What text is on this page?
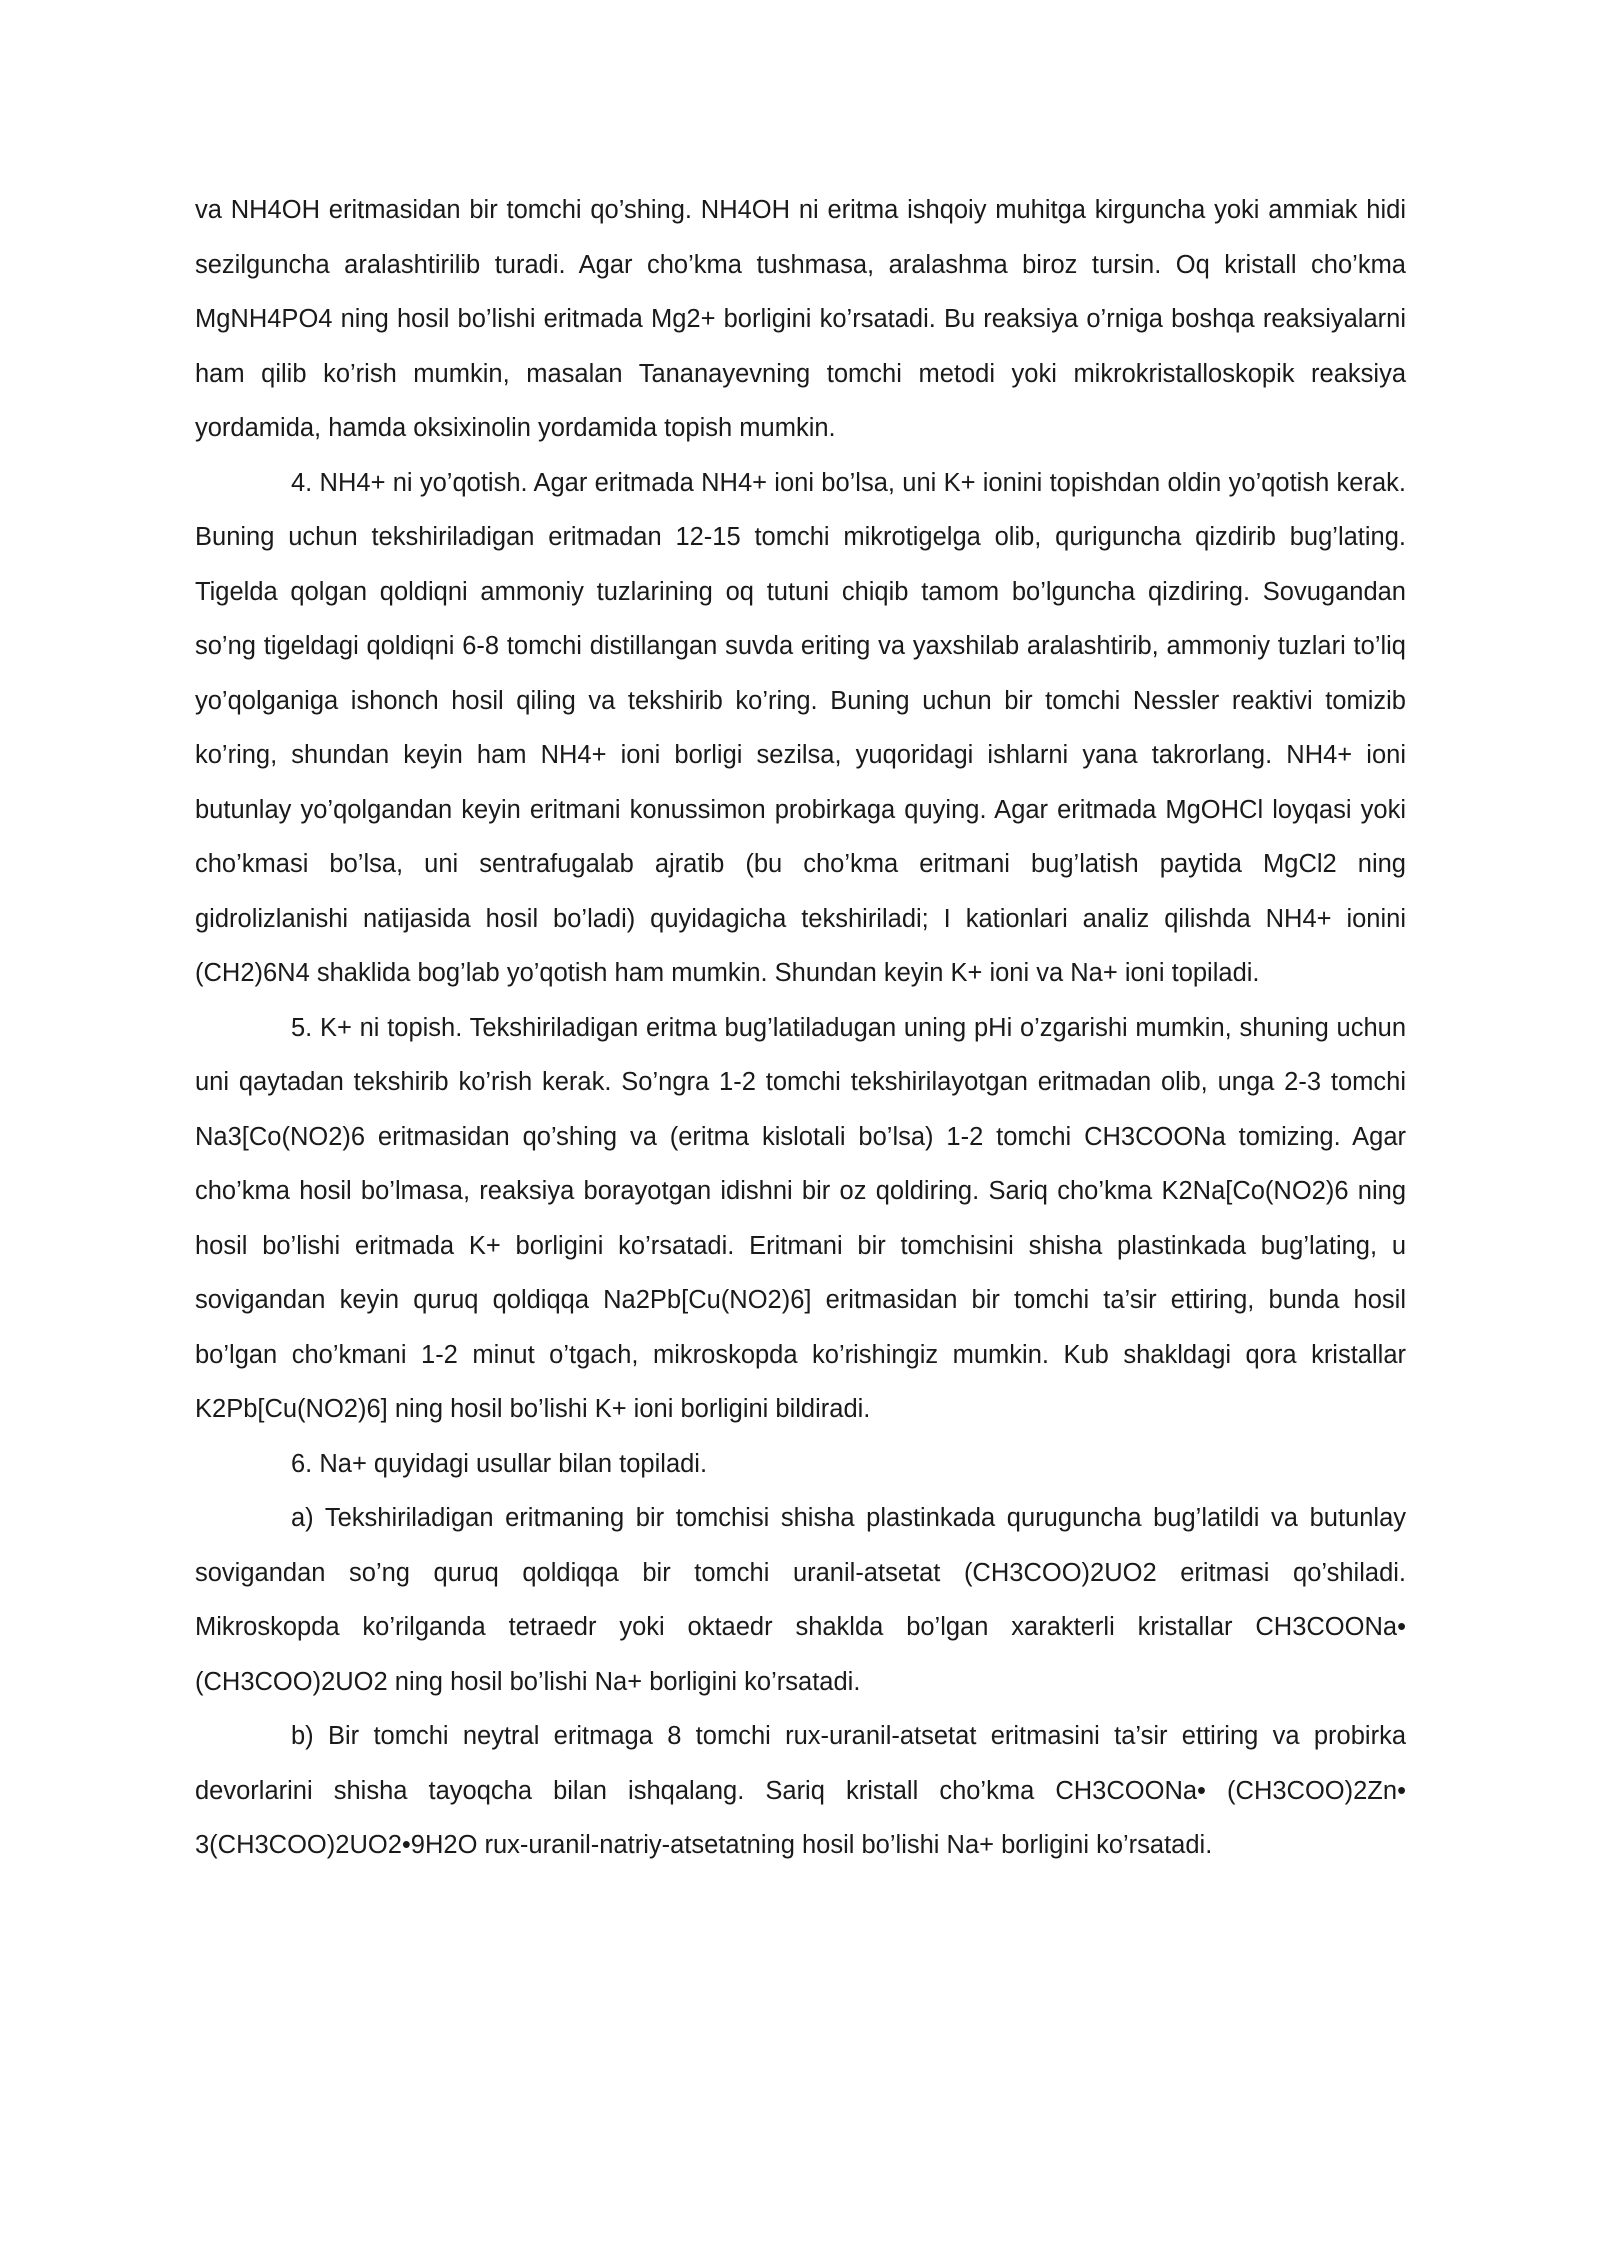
va NH4OH eritmasidan bir tomchi qo’shing. NH4OH ni eritma ishqoiy muhitga kirguncha yoki ammiak hidi sezilguncha aralashtirilib turadi. Agar cho’kma tushmasa, aralashma biroz tursin. Oq kristall cho’kma MgNH4PO4 ning hosil bo’lishi eritmada Mg2+ borligini ko’rsatadi. Bu reaksiya o’rniga boshqa reaksiyalarni ham qilib ko’rish mumkin, masalan Tananayevning tomchi metodi yoki mikrokristalloskopik reaksiya yordamida, hamda oksixinolin yordamida topish mumkin.

4. NH4+ ni yo’qotish. Agar eritmada NH4+ ioni bo’lsa, uni K+ ionini topishdan oldin yo’qotish kerak. Buning uchun tekshiriladigan eritmadan 12-15 tomchi mikrotigelga olib, quriguncha qizdirib bug’lating. Tigelda qolgan qoldiqni ammoniy tuzlarining oq tutuni chiqib tamom bo’lguncha qizdiring. Sovugandan so’ng tigeldagi qoldiqni 6-8 tomchi distillangan suvda eriting va yaxshilab aralashtirib, ammoniy tuzlari to’liq yo’qolganiga ishonch hosil qiling va tekshirib ko’ring. Buning uchun bir tomchi Nessler reaktivi tomizib ko’ring, shundan keyin ham NH4+ ioni borligi sezilsa, yuqoridagi ishlarni yana takrorlang. NH4+ ioni butunlay yo’qolgandan keyin eritmani konussimon probirkaga quying. Agar eritmada MgOHCl loyqasi yoki cho’kmasi bo’lsa, uni sentrafugalab ajratib (bu cho’kma eritmani bug’latish paytida MgCl2 ning gidrolizlanishi natijasida hosil bo’ladi) quyidagicha tekshiriladi; I kationlari analiz qilishda NH4+ ionini (CH2)6N4 shaklida bog’lab yo’qotish ham mumkin. Shundan keyin K+ ioni va Na+ ioni topiladi.

5. K+ ni topish. Tekshiriladigan eritma bug’latiladugan uning pHi o’zgarishi mumkin, shuning uchun uni qaytadan tekshirib ko’rish kerak. So’ngra 1-2 tomchi tekshirilayotgan eritmadan olib, unga 2-3 tomchi Na3[Co(NO2)6 eritmasidan qo’shing va (eritma kislotali bo’lsa) 1-2 tomchi CH3COONa tomizing. Agar cho’kma hosil bo’lmasa, reaksiya borayotgan idishni bir oz qoldiring. Sariq cho’kma K2Na[Co(NO2)6 ning hosil bo’lishi eritmada K+ borligini ko’rsatadi. Eritmani bir tomchisini shisha plastinkada bug’lating, u sovigandan keyin quruq qoldiqqa Na2Pb[Cu(NO2)6] eritmasidan bir tomchi ta’sir ettiring, bunda hosil bo’lgan cho’kmani 1-2 minut o’tgach, mikroskopda ko’rishingiz mumkin. Kub shakldagi qora kristallar K2Pb[Cu(NO2)6] ning hosil bo’lishi K+ ioni borligini bildiradi.

6. Na+ quyidagi usullar bilan topiladi.

a) Tekshiriladigan eritmaning bir tomchisi shisha plastinkada qurugunchа bug’latildi va butunlay sovigandan so’ng quruq qoldiqqa bir tomchi uranil-atsetat (CH3COO)2UO2 eritmasi qo’shiladi. Mikroskopda ko’rilganda tetraedr yoki oktaedr shaklda bo’lgan xarakterli kristallar CH3COONa• (CH3COO)2UO2 ning hosil bo’lishi Na+ borligini ko’rsatadi.

b) Bir tomchi neytral eritmaga 8 tomchi rux-uranil-atsetat eritmasini ta’sir ettiring va probirka devorlarini shisha tayoqcha bilan ishqalang. Sariq kristall cho’kma CH3COONa• (CH3COO)2Zn• 3(CH3COO)2UO2•9H2O rux-uranil-natriy-atsetatning hosil bo’lishi Na+ borligini ko’rsatadi.
